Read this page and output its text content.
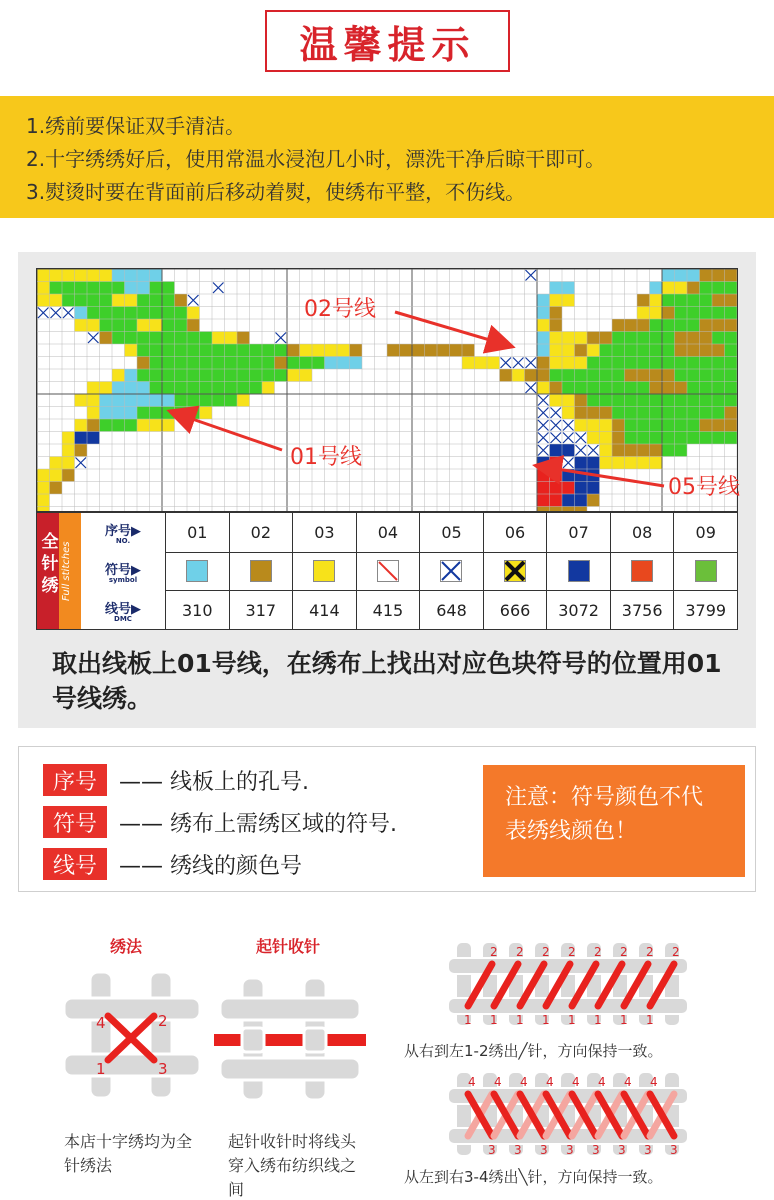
温馨提示
1.绣前要保证双手清洁。
2.十字绣绣好后，使用常温水浸泡几小时，漂洗干净后晾干即可。
3.熨烫时要在背面前后移动着熨，使绣布平整，不伤线。
02号线
01号线
05号线
全针绣 Full stitches
序号▶
NO.
符号▶
symbol
线号▶
DMC
01	02	03	04	05	06	07	08	09
310	317	414	415	648	666	3072	3756	3799
取出线板上01号线，在绣布上找出对应色块符号的位置用01号线绣。
序号	—— 线板上的孔号.
符号	—— 绣布上需绣区域的符号.
线号	—— 绣线的颜色号
注意：符号颜色不代表绣线颜色！
绣法
4	2
1	3
本店十字绣均为全针绣法
起针收针
起针收针时将线头穿入绣布纺织线之间
2
1
2
1
2
1
2
1
2
1
2
1
2
1
2
1
从右到左1-2绣出╱针，方向保持一致。
4
3
4
3
4
3
4
3
4
3
4
3
4
3
4
3
从左到右3-4绣出╲针，方向保持一致。
